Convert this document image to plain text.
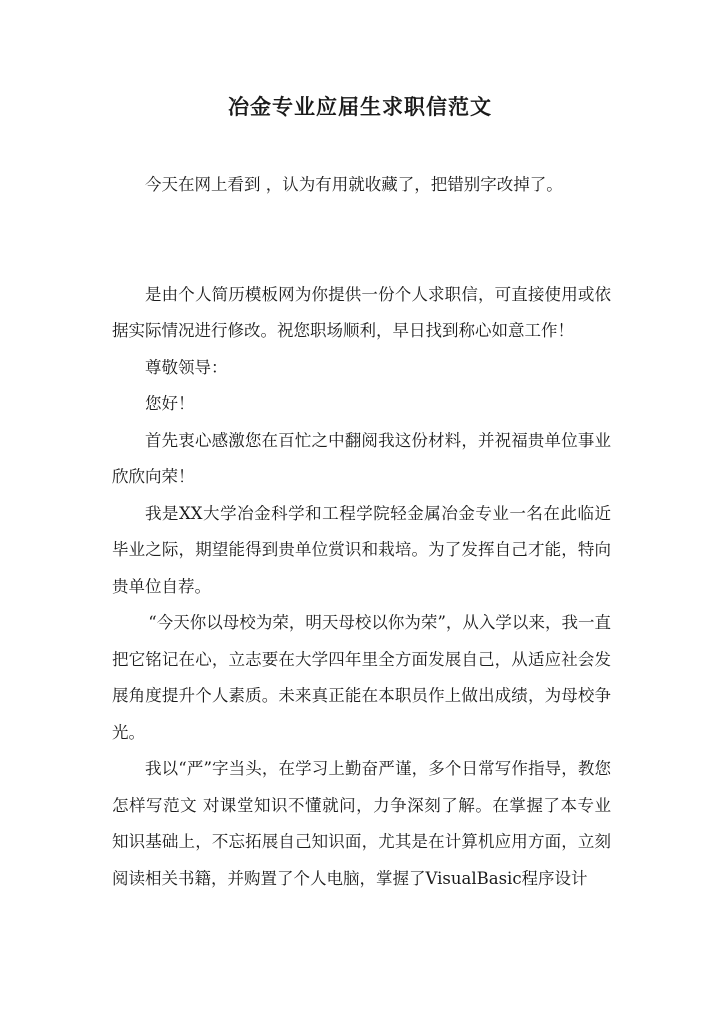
冶金专业应届生求职信范文

今天在网上看到 ，认为有用就收藏了，把错别字改掉了。

是由个人简历模板网为你提供一份个人求职信，可直接使用或依据实际情况进行修改。祝您职场顺利，早日找到称心如意工作！

尊敬领导：

您好！

首先衷心感激您在百忙之中翻阅我这份材料，并祝福贵单位事业欣欣向荣！

我是XX大学冶金科学和工程学院轻金属冶金专业一名在此临近毕业之际，期望能得到贵单位赏识和栽培。为了发挥自己才能，特向贵单位自荐。

“今天你以母校为荣，明天母校以你为荣”，从入学以来，我一直把它铭记在心，立志要在大学四年里全方面发展自己，从适应社会发展角度提升个人素质。未来真正能在本职员作上做出成绩，为母校争光。

我以“严”字当头，在学习上勤奋严谨，多个日常写作指导，教您怎样写范文 对课堂知识不懂就问，力争深刻了解。在掌握了本专业知识基础上，不忘拓展自己知识面，尤其是在计算机应用方面，立刻阅读相关书籍，并购置了个人电脑，掌握了VisualBasic程序设计
